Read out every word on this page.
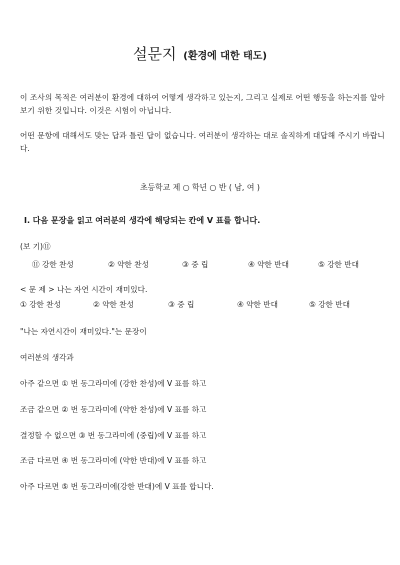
설문지 (환경에 대한 태도)
이 조사의 목적은 여러분이 환경에 대하여 어떻게 생각하고 있는지, 그리고 실제로 어떤 행동을 하는지를 알아보기 위한 것입니다. 이것은 시험이 아닙니다.
어떤 문항에 대해서도 맞는 답과 틀린 답이 없습니다. 여러분이 생각하는 대로 솔직하게 대답해 주시기 바랍니다.
초등학교 제 ○ 학년 ○ 반 ( 남, 여 )
I. 다음 문장을 읽고 여러분의 생각에 해당되는 칸에 V 표를 합니다.
(보 기)⑪
⑪ 강한 찬성	② 약한 찬성	③ 중 립	④ 약한 반대	⑤ 강한 반대
< 문 제 > 나는 자연 시간이 재미있다.
① 강한 찬성	② 약한 찬성	③ 중 립	④ 약한 반대	⑤ 강한 반대
"나는 자연시간이 재미있다."는 문장이
여러분의 생각과
아주 같으면 ① 번 동그라미에 (강한 찬성)에 V 표를 하고
조금 같으면 ② 번 동그라미에 (약한 찬성)에 V 표를 하고
결정할 수 없으면 ③ 번 동그라미에 (중립)에 V 표를 하고
조금 다르면 ④ 번 동그라미에 (약한 반대)에 V 표를 하고
아주 다르면 ⑤ 번 동그라미에(강한 반대)에 V 표를 합니다.
